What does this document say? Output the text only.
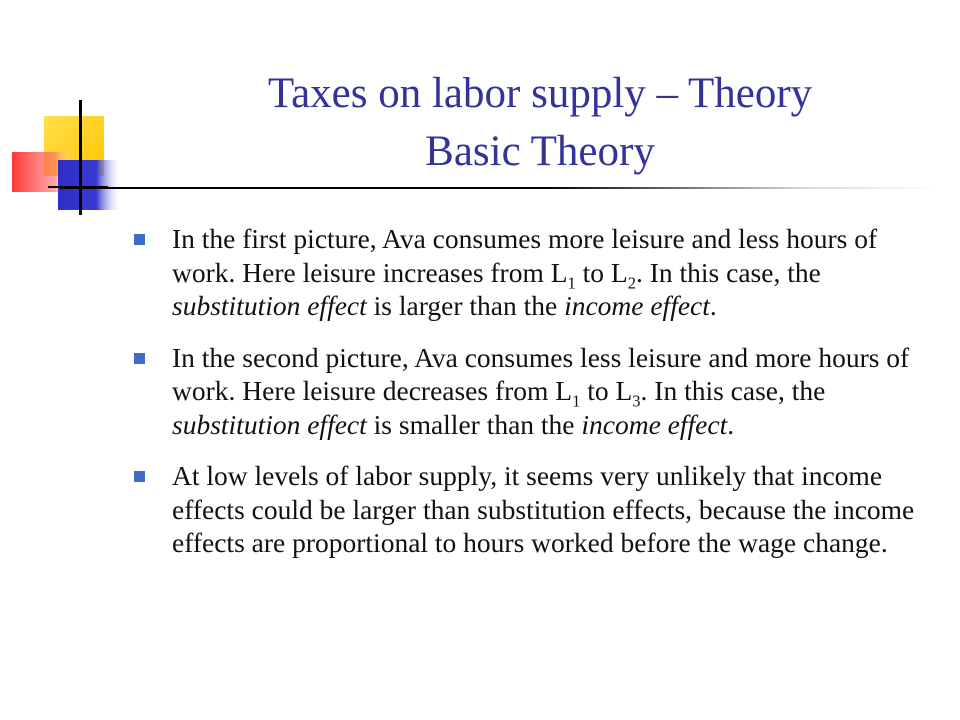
Taxes on labor supply – Theory
Basic Theory

In the first picture, Ava consumes more leisure and less hours of work. Here leisure increases from $L_1$ to $L_2$. In this case, the substitution effect is larger than the income effect.

In the second picture, Ava consumes less leisure and more hours of work. Here leisure decreases from $L_1$ to $L_3$. In this case, the substitution effect is smaller than the income effect.

At low levels of labor supply, it seems very unlikely that income effects could be larger than substitution effects, because the income effects are proportional to hours worked before the wage change.
